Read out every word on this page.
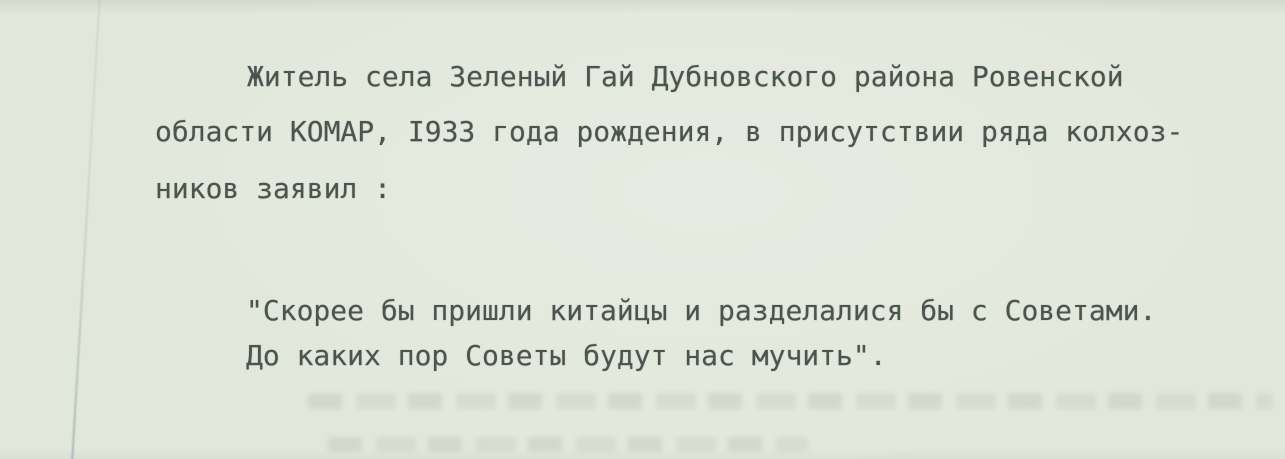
Житель села Зеленый Гай Дубновского района Ровенской
области КОМАР, I933 года рождения, в присутствии ряда колхоз-
ников заявил :
"Скорее бы пришли китайцы и разделалися бы с Советами.
До каких пор Советы будут нас мучить".
